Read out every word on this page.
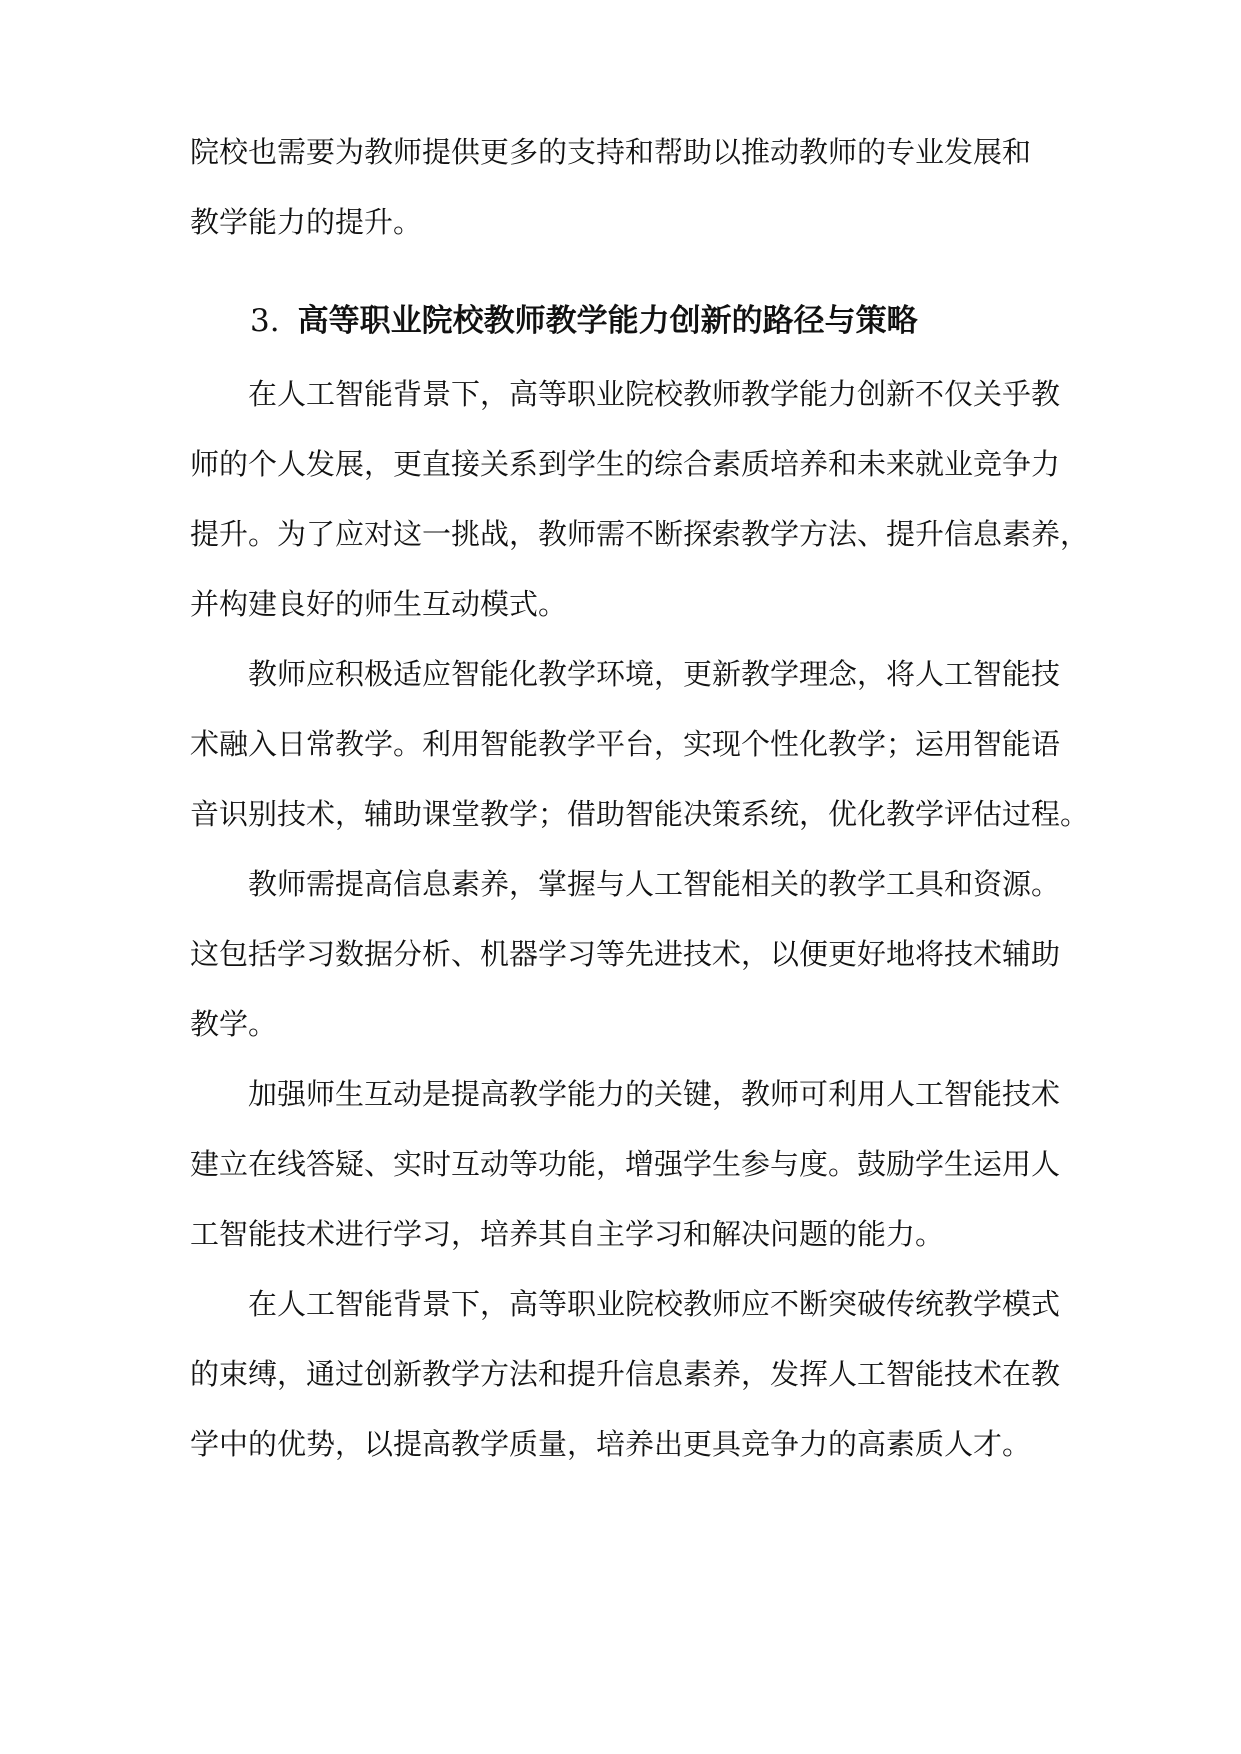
院校也需要为教师提供更多的支持和帮助以推动教师的专业发展和
教学能力的提升。
3. 高等职业院校教师教学能力创新的路径与策略
在人工智能背景下，高等职业院校教师教学能力创新不仅关乎教
师的个人发展，更直接关系到学生的综合素质培养和未来就业竞争力
提升。为了应对这一挑战，教师需不断探索教学方法、提升信息素养，
并构建良好的师生互动模式。
教师应积极适应智能化教学环境，更新教学理念，将人工智能技
术融入日常教学。利用智能教学平台，实现个性化教学；运用智能语
音识别技术，辅助课堂教学；借助智能决策系统，优化教学评估过程。
教师需提高信息素养，掌握与人工智能相关的教学工具和资源。
这包括学习数据分析、机器学习等先进技术，以便更好地将技术辅助
教学。
加强师生互动是提高教学能力的关键，教师可利用人工智能技术
建立在线答疑、实时互动等功能，增强学生参与度。鼓励学生运用人
工智能技术进行学习，培养其自主学习和解决问题的能力。
在人工智能背景下，高等职业院校教师应不断突破传统教学模式
的束缚，通过创新教学方法和提升信息素养，发挥人工智能技术在教
学中的优势，以提高教学质量，培养出更具竞争力的高素质人才。
